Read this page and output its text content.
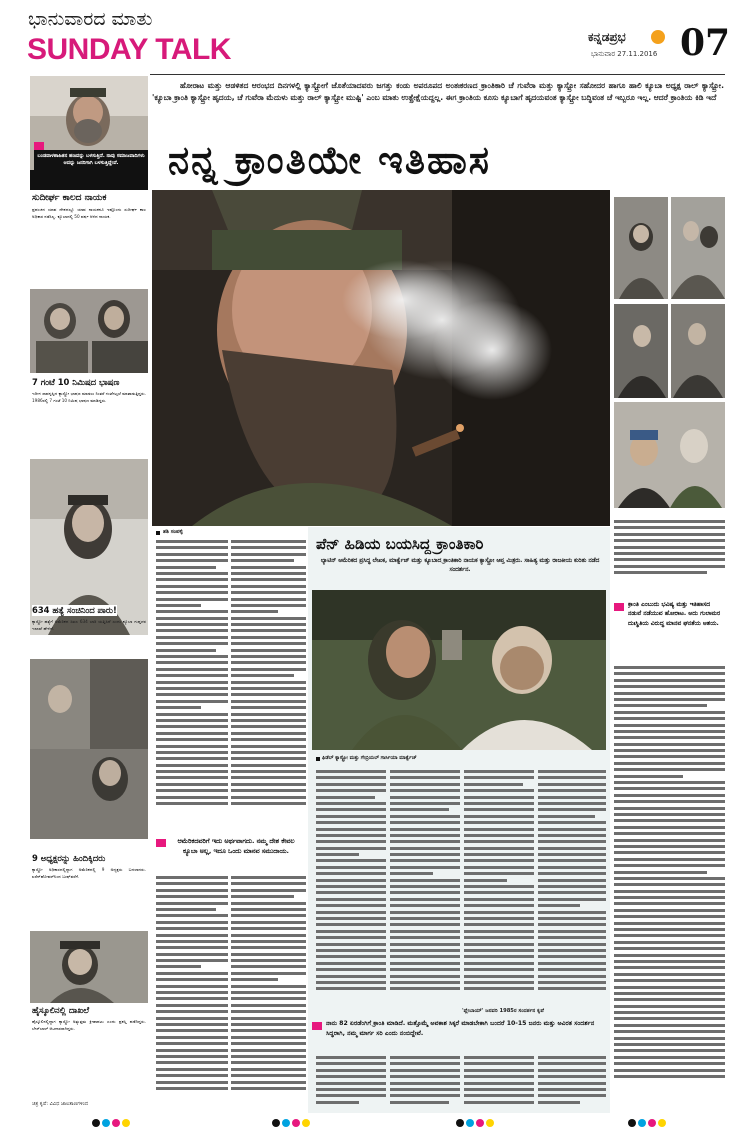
ಭಾನುವಾರದ ಮಾತು
SUNDAY TALK	ಕನ್ನಡಪ್ರಭ
ಭಾನುವಾರ 27.11.2016 07
ಬಂಡವಾಳಶಾಹಿತನ ಹಣವನ್ನು ಬಳಸುತ್ತಿದೆ. ನಾವು ಸಮಾಜವಾದಿಗಳು ಅದನ್ನು ಜನರಿಗಾಗಿ ಬಳಸುತ್ತಿದ್ದೇವೆ.
ಹೋರಾಟ ಮತ್ತು ಆಡಳಿತದ ಆರಂಭದ ದಿನಗಳಲ್ಲಿ ಕ್ಯಾಸ್ಟ್ರೋಗೆ ಜೊತೆಯಾದವರು ಜಗತ್ತು ಕಂಡು ಅಪರೂಪದ ಅಂತಃಕರಣದ ಕ್ರಾಂತಿಕಾರಿ ಚೆ ಗುವೆರಾ ಮತ್ತು ಕ್ಯಾಸ್ಟ್ರೋ ಸಹೋದರ ಹಾಗೂ ಹಾಲಿ ಕ್ಯೂಬಾ ಅಧ್ಯಕ್ಷ ರಾಲ್ ಕ್ಯಾಸ್ಟ್ರೋ. 'ಕ್ಯೂಬಾ ಕ್ರಾಂತಿ ಕ್ಯಾಸ್ಟ್ರೋ ಹೃದಯ, ಚೆ ಗುವೆರಾ ಮೆದುಳು ಮತ್ತು ರಾಲ್ ಕ್ಯಾಸ್ಟ್ರೋ ಮುಷ್ಟಿ' ಎಂಬ ಮಾತು ಉತ್ಪ್ರೇಕ್ಷೆಯದ್ದಲ್ಲ. ಈಗ ಕ್ರಾಂತಿಯ ಕೂಸು ಕ್ಯೂಬಾಗೆ ಹೃದಯವಂತ ಕ್ಯಾಸ್ಟ್ರೋ ಬದ್ಧಿವಂತ ಚೆ ಇಬ್ಬರೂ ಇಲ್ಲ. ಆದರೆ ಕ್ರಾಂತಿಯ ಕಿಡಿ ಇದೆ
ನನ್ನ ಕ್ರಾಂತಿಯೇ ಇತಿಹಾಸ
ಸುದೀರ್ಘ ಕಾಲದ ನಾಯಕ
ಪ್ರಪಂಚದ ಯಾವ ದೇಶದಲ್ಲೂ ಯಾವ ನಾಯಕನೂ ಇಷ್ಟೊಂದು ಸುದೀರ್ಘ ಕಾಲ ಅಧಿಕಾರ ನಡೆಸಿಲ್ಲ. ಕ್ಯೂಬಾದಲ್ಲಿ 50 ವರ್ಷ ಆಳಿದ ನಾಯಕ.
7 ಗಂಟೆ 10 ನಿಮಿಷದ ಭಾಷಣ
ಇದೀಗ ಸಾವನ್ನಪ್ಪಿದ ಕ್ಯಾಸ್ಟ್ರೋ ಭಾಷಣ ಮಾಡಲು ನಿಂತರೆ ಗಂಟೆಗಟ್ಟಲೆ ಮಾತಾಡುತ್ತಿದ್ದರು. 1986ರಲ್ಲಿ 7 ಗಂಟೆ 10 ನಿಮಿಷ ಭಾಷಣ ಮಾಡಿದ್ದರು.
634 ಹತ್ಯೆ ಸಂಚಿನಿಂದ ಪಾರು!
ಕ್ಯಾಸ್ಟ್ರೋ ಹತ್ಯೆಗೆ ಅಮೆರಿಕದ ಸಿಐಎ 634 ಬಾರಿ ಯತ್ನಿಸಿದೆ ಎಂದು ಕ್ಯೂಬಾ ಗುಪ್ತಚರ ಇಲಾಖೆ ಹೇಳಿದೆ.
9 ಅಧ್ಯಕ್ಷರನ್ನು ಹಿಂದಿಕ್ಕಿದರು
ಕ್ಯಾಸ್ಟ್ರೋ ಅಧಿಕಾರದಲ್ಲಿದ್ದಾಗ ಅಮೆರಿಕದಲ್ಲಿ 9 ಅಧ್ಯಕ್ಷರು ಬದಲಾದರು. ಐಸೆನ್‌ಹೋವರ್‌ನಿಂದ ಬುಷ್‌ವರೆಗೆ.
ಹೈಸ್ಕೂಲಿನಲ್ಲಿ ದಾಖಲೆ
ಹೈಸ್ಕೂಲಿನಲ್ಲಿದ್ದಾಗ ಕ್ಯಾಸ್ಟ್ರೋ ಅತ್ಯುತ್ತಮ ಕ್ರೀಡಾಪಟು ಎಂದು ಪ್ರಶಸ್ತಿ ಪಡೆದಿದ್ದರು. ಬೇಸ್‌ಬಾಲ್ ಆಟಗಾರರಾಗಿದ್ದರು.
ಚಿತ್ರ ಕೃಪೆ: ವಿವಿಧ ಜಾಲತಾಣಗಳಿಂದ
ಶಶಿ ಸಂಪಳ್ಳಿ
ಆಮೆರಿಕದವರಿಗೆ ಇದು ಅರ್ಥವಾಗದು. ನಮ್ಮ ದೇಶ ಕೇವಲ ಕ್ಯೂಬಾ ಅಲ್ಲ, ಇದೂ ಒಂದು ಮಾನವ ಸಮುದಾಯ.
ಪೆನ್ ಹಿಡಿಯ ಬಯಸಿದ್ದ ಕ್ರಾಂತಿಕಾರಿ
ಲ್ಯಾಟಿನ್ ಅಮೆರಿಕದ ಪ್ರಸಿದ್ಧ ಲೇಖಕ, ಮಾರ್ಕ್ವೆಜ್ ಮತ್ತು ಕ್ಯೂಬಾದ ಕ್ರಾಂತಿಕಾರಿ ನಾಯಕ ಕ್ಯಾಸ್ಟ್ರೋ ಆಪ್ತ ಮಿತ್ರರು. ಸಾಹಿತ್ಯ ಮತ್ತು ರಾಜಕೀಯ ಕುರಿತು ನಡೆದ ಸಂದರ್ಶನ.
ಫಿಡೆಲ್ ಕ್ಯಾಸ್ಟ್ರೋ ಮತ್ತು ಗೇಬ್ರಿಯಲ್ ಗಾರ್ಸಿಯಾ ಮಾರ್ಕ್ವೆಜ್
'ಪ್ಲೇಬಾಯ್' ಜನವರಿ 1985ರ ಸಂದರ್ಶನ ಕೃಪೆ
ನಾನು 82 ಏರಡೆಂಗಿಗೆ ಕ್ರಾಂತಿ ಮಾಡಿದೆ. ಮತ್ತೊಮ್ಮೆ ಅವಕಾಶ ಸಿಕ್ಕರೆ ಮಾಡಬೇಕಾಗಿ ಬಂದರೆ 10-15 ಜನರು ಮತ್ತು ಅವಿರತ ಸಂದರ್ಶನ ಸಿದ್ಧರಾಗಿ, ನಮ್ಮ ಮಾರ್ಗ ಸರಿ ಎಂದು ನಂಬಿದ್ದೇವೆ.
ಕ್ರಾಂತಿ ಎಂಬುದು ಭವಿಷ್ಯ ಮತ್ತು ಇತಿಹಾಸದ ನಡುವೆ ನಡೆಯುವ ಹೋರಾಟ. ಅದು ಗುಲಾಮರ ದುಃಸ್ಥಿತಿಯ ವಿರುದ್ಧ ಮಾನವ ಘನತೆಯ ಆಶಯ.
